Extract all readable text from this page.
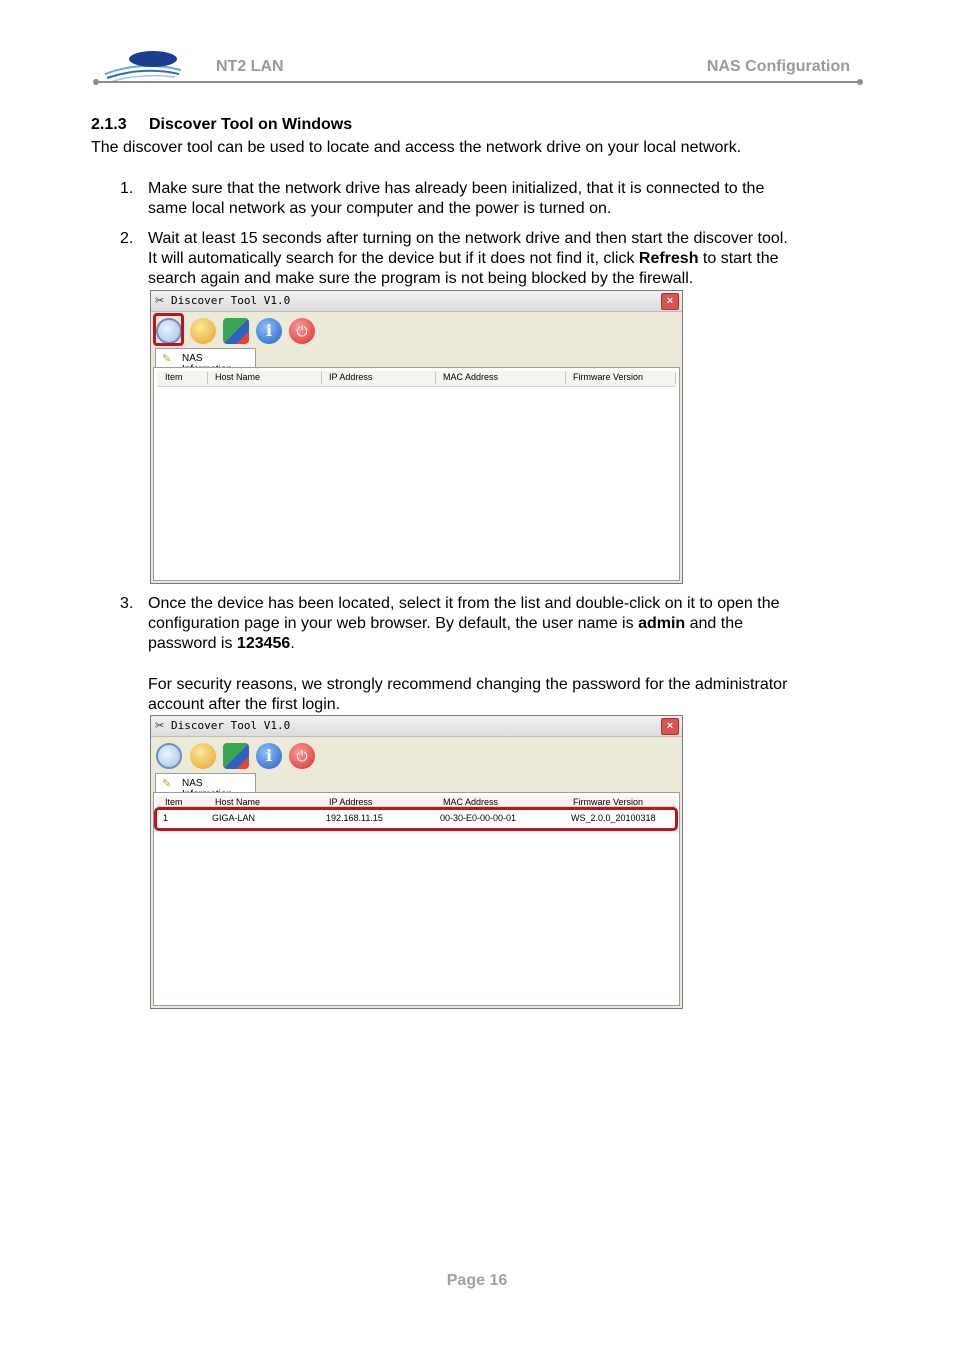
NT2 LAN	NAS Configuration
2.1.3 Discover Tool on Windows
The discover tool can be used to locate and access the network drive on your local network.
1. Make sure that the network drive has already been initialized, that it is connected to the
same local network as your computer and the power is turned on.
2. Wait at least 15 seconds after turning on the network drive and then start the discover tool.
It will automatically search for the device but if it does not find it, click Refresh to start the
search again and make sure the program is not being blocked by the firewall.
✂ Discover Tool V1.0	×
i	⏻
✎ NAS
Item	Host Name	IP Address	MAC Address	Firmware Version
3. Once the device has been located, select it from the list and double-click on it to open the
configuration page in your web browser. By default, the user name is admin and the
password is 123456.
For security reasons, we strongly recommend changing the password for the administrator
account after the first login.
✂ Discover Tool V1.0	×
i	⏻
✎ NAS
Item	Host Name	IP Address	MAC Address	Firmware Version
1	GIGA-LAN	192.168.11.15	00-30-E0-00-00-01	WS_2.0.0_20100318
Page 16
